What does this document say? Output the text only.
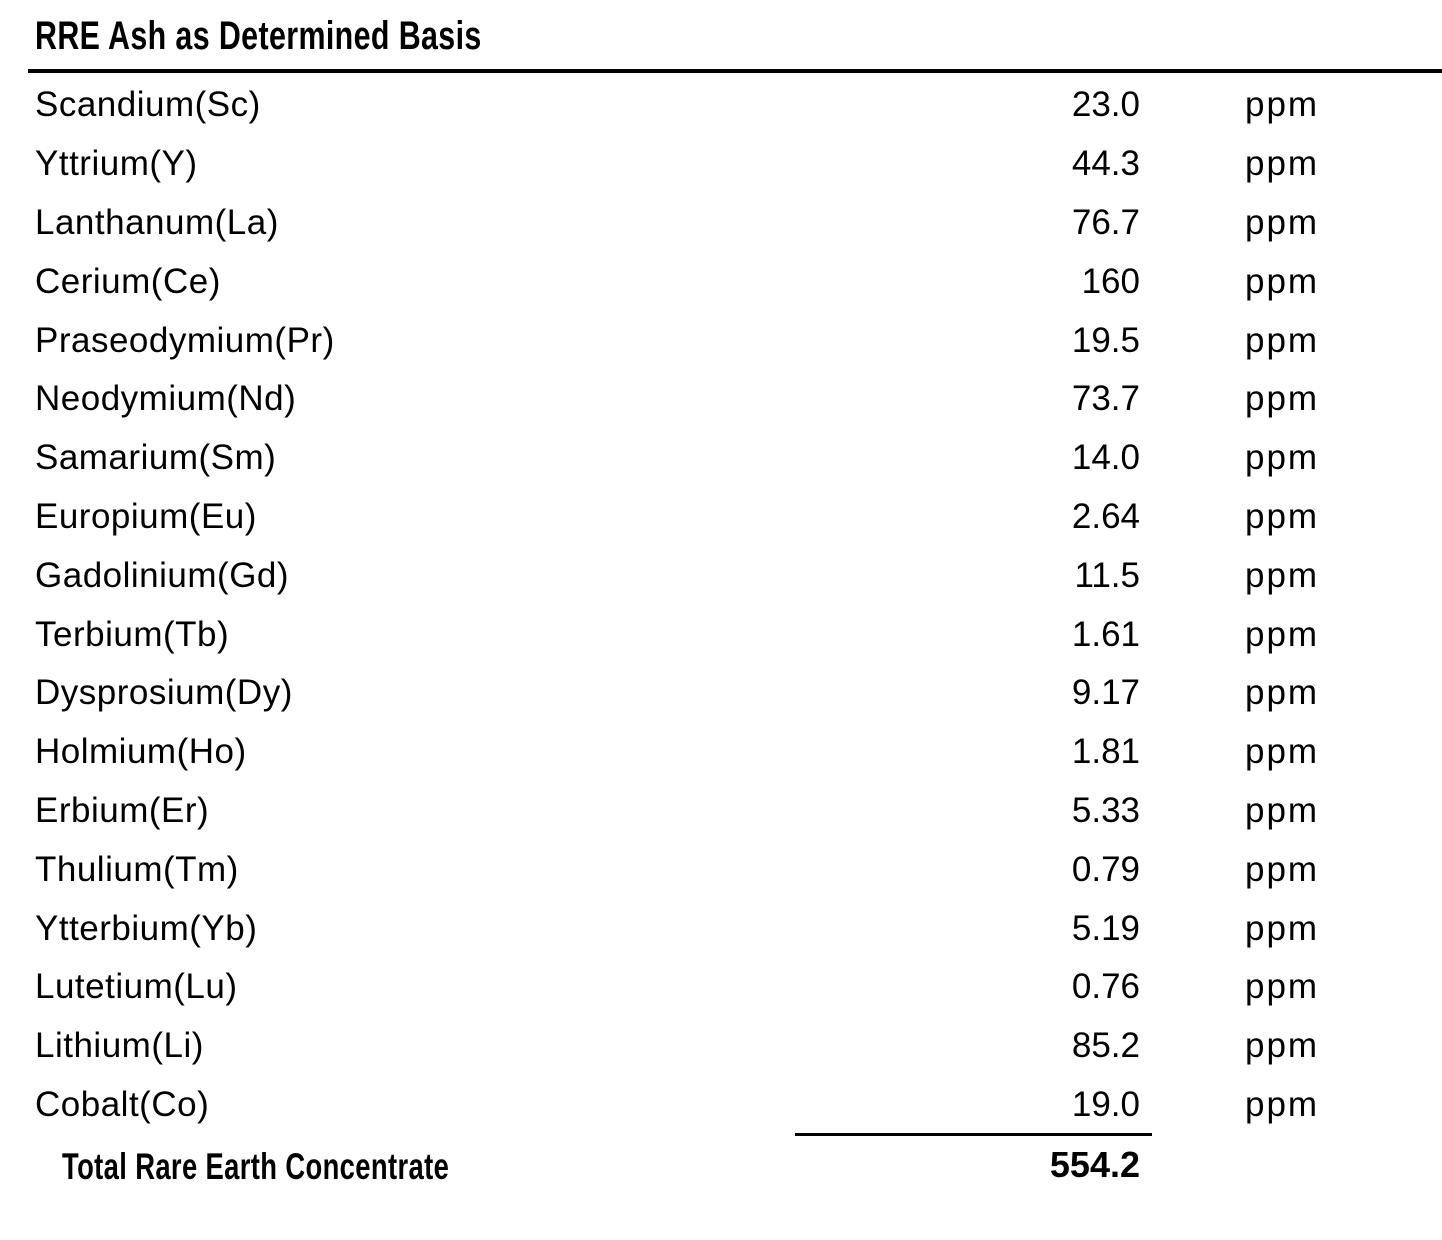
RRE Ash as Determined Basis
Scandium(Sc)	23.0	ppm
Yttrium(Y)	44.3	ppm
Lanthanum(La)	76.7	ppm
Cerium(Ce)	160	ppm
Praseodymium(Pr)	19.5	ppm
Neodymium(Nd)	73.7	ppm
Samarium(Sm)	14.0	ppm
Europium(Eu)	2.64	ppm
Gadolinium(Gd)	11.5	ppm
Terbium(Tb)	1.61	ppm
Dysprosium(Dy)	9.17	ppm
Holmium(Ho)	1.81	ppm
Erbium(Er)	5.33	ppm
Thulium(Tm)	0.79	ppm
Ytterbium(Yb)	5.19	ppm
Lutetium(Lu)	0.76	ppm
Lithium(Li)	85.2	ppm
Cobalt(Co)	19.0	ppm
Total Rare Earth Concentrate	554.2
